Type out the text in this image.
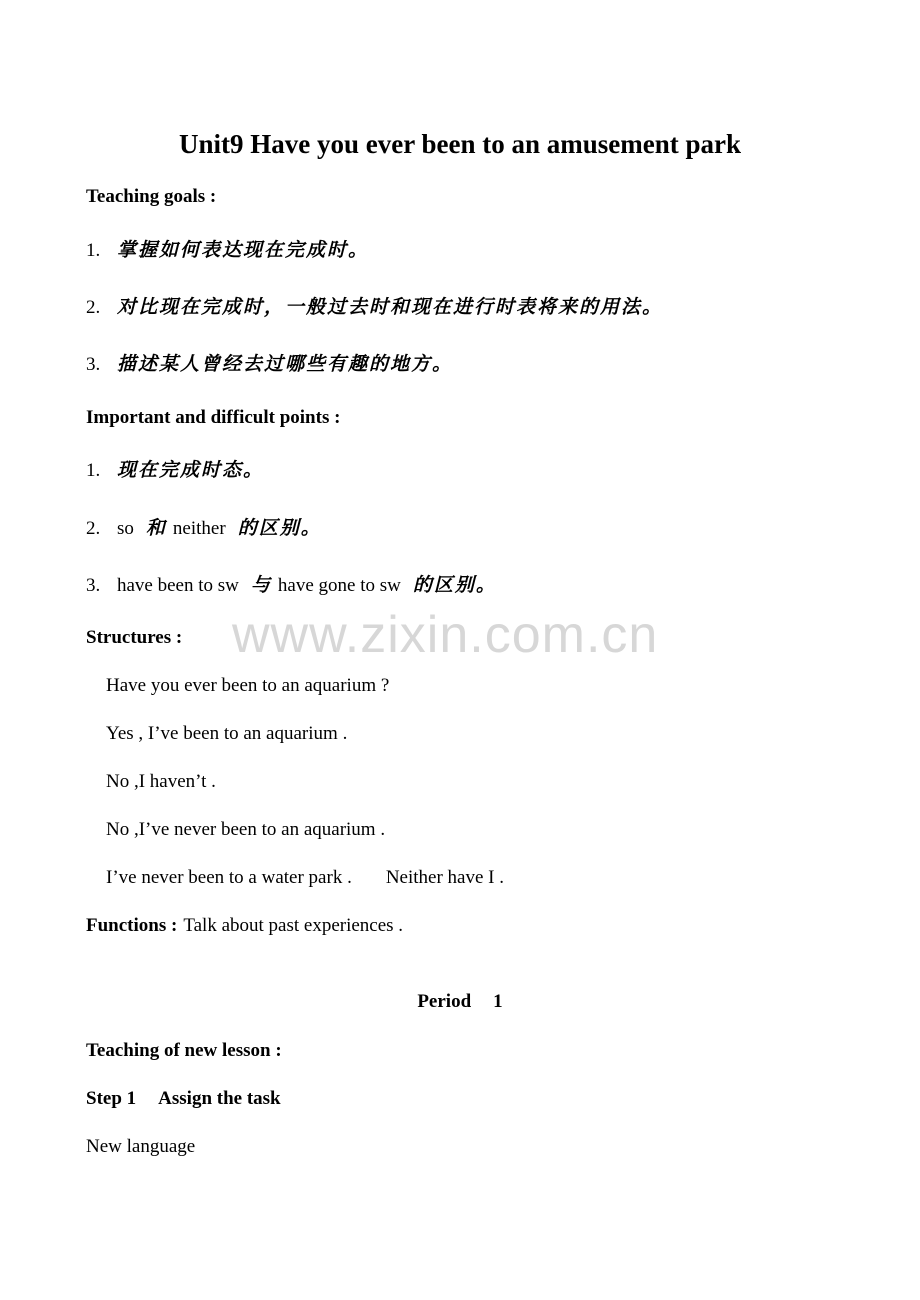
Unit9 Have you ever been to an amusement park
Teaching goals :
1. 掌握如何表达现在完成时。
2. 对比现在完成时，一般过去时和现在进行时表将来的用法。
3. 描述某人曾经去过哪些有趣的地方。
Important and difficult points :
1. 现在完成时态。
2. so 和 neither 的区别。
3. have been to sw 与 have gone to sw 的区别。
Structures :
Have you ever been to an aquarium ?
Yes , I’ve been to an aquarium .
No ,I haven’t .
No ,I’ve never been to an aquarium .
I’ve never been to a water park . Neither have I .
Functions : Talk about past experiences .
Period 1
Teaching of new lesson :
Step 1 Assign the task
New language
www.zixin.com.cn
